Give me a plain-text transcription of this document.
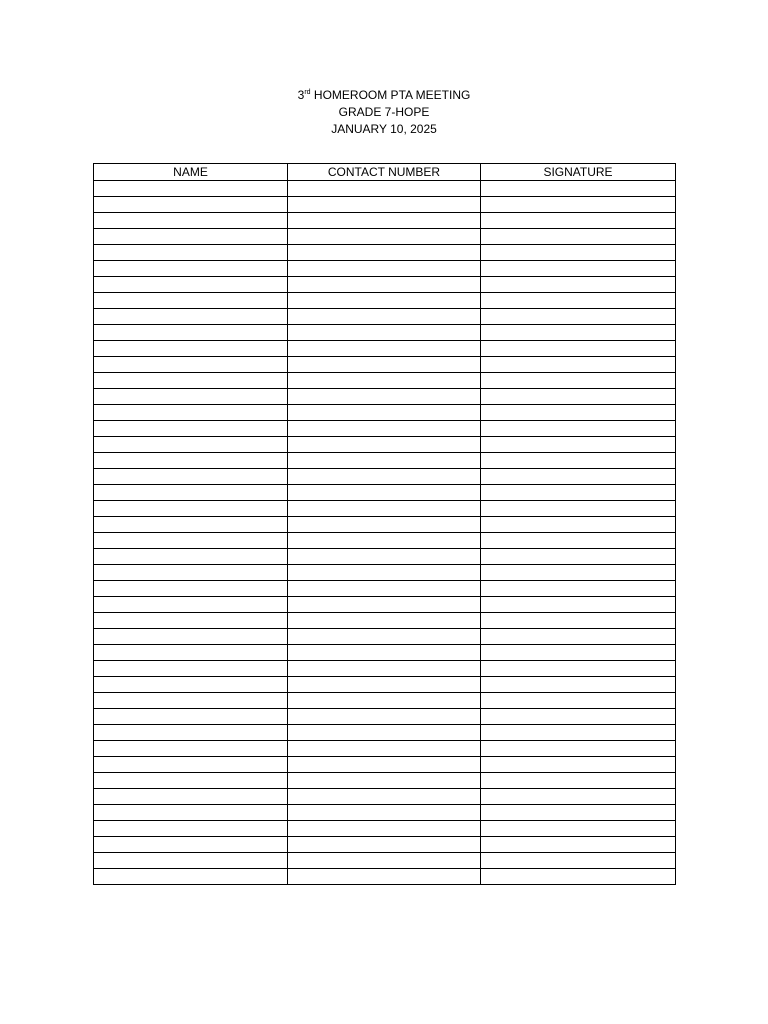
3rd HOMEROOM PTA MEETING
GRADE 7-HOPE
JANUARY 10, 2025
NAME	CONTACT NUMBER	SIGNATURE
